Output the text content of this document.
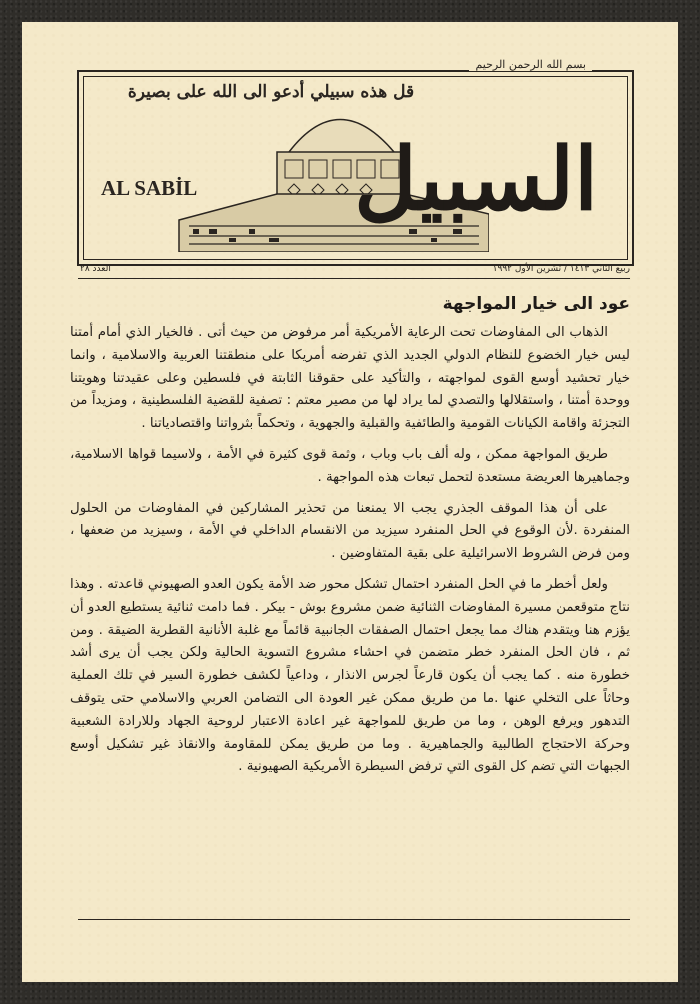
بسم الله الرحمن الرحيم
قل هذه سبيلي أدعو الى الله على بصيرة
AL SABİL السبيل
ربيع الثاني ١٤١٣ / تشرين الأول ١٩٩٢
العدد ٢٨
عود الى خيار المواجهة

الذهاب الى المفاوضات تحت الرعاية الأمريكية أمر مرفوض من حيث أتى . فالخيار الذي أمام أمتنا ليس خيار الخضوع للنظام الدولي الجديد الذي تفرضه أمريكا على منطقتنا العربية والاسلامية ، وانما خيار تحشيد أوسع القوى لمواجهته ، والتأكيد على حقوقنا الثابتة في فلسطين وعلى عقيدتنا وهويتنا ووحدة أمتنا ، واستقلالها والتصدي لما يراد لها من مصير معتم : تصفية للقضية الفلسطينية ، ومزيداً من التجزئة واقامة الكيانات القومية والطائفية والقبلية والجهوية ، وتحكماً بثرواتنا واقتصادياتنا .

طريق المواجهة ممكن ، وله ألف باب وباب ، وثمة قوى كثيرة في الأمة ، ولاسيما قواها الاسلامية، وجماهيرها العريضة مستعدة لتحمل تبعات هذه المواجهة .

على أن هذا الموقف الجذري يجب الا يمنعنا من تحذير المشاركين في المفاوضات من الحلول المنفردة .لأن الوقوع في الحل المنفرد سيزيد من الانقسام الداخلي في الأمة ، وسيزيد من ضعفها ، ومن فرض الشروط الاسرائيلية على بقية المتفاوضين .

ولعل أخطر ما في الحل المنفرد احتمال تشكل محور ضد الأمة يكون العدو الصهيوني قاعدته . وهذا نتاج متوقعمن مسيرة المفاوضات الثنائية ضمن مشروع بوش - بيكر . فما دامت ثنائية يستطيع العدو أن يؤزم هنا ويتقدم هناك مما يجعل احتمال الصفقات الجانبية قائماً مع غلبة الأنانية القطرية الضيقة . ومن ثم ، فان الحل المنفرد خطر متضمن في احشاء مشروع التسوية الحالية ولكن يجب أن يرى أشد خطورة منه . كما يجب أن يكون قارعاً لجرس الانذار ، وداعياً لكشف خطورة السير في تلك العملية وحاثاً على التخلي عنها .ما من طريق ممكن غير العودة الى التضامن العربي والاسلامي حتى يتوقف التدهور ويرفع الوهن ، وما من طريق للمواجهة غير اعادة الاعتبار لروحية الجهاد وللارادة الشعبية وحركة الاحتجاج الطالبية والجماهيرية . وما من طريق يمكن للمقاومة والانقاذ غير تشكيل أوسع الجبهات التي تضم كل القوى التي ترفض السيطرة الأمريكية الصهيونية .
